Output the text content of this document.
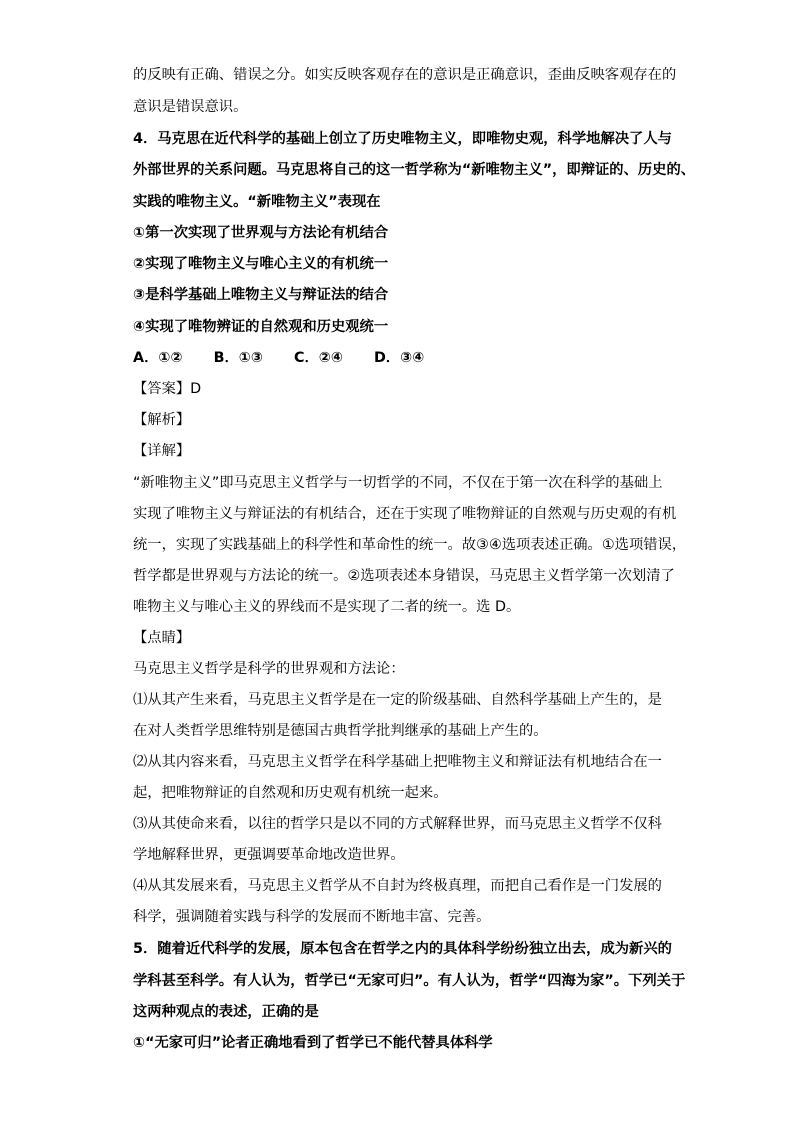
的反映有正确、错误之分。如实反映客观存在的意识是正确意识，歪曲反映客观存在的
意识是错误意识。
4．马克思在近代科学的基础上创立了历史唯物主义，即唯物史观，科学地解决了人与
外部世界的关系问题。马克思将自己的这一哲学称为“新唯物主义”，即辩证的、历史的、
实践的唯物主义。“新唯物主义”表现在
①第一次实现了世界观与方法论有机结合
②实现了唯物主义与唯心主义的有机统一
③是科学基础上唯物主义与辩证法的结合
④实现了唯物辨证的自然观和历史观统一
A．①② B．①③ C．②④ D．③④
【答案】D
【解析】
【详解】
“新唯物主义”即马克思主义哲学与一切哲学的不同，不仅在于第一次在科学的基础上
实现了唯物主义与辩证法的有机结合，还在于实现了唯物辩证的自然观与历史观的有机
统一，实现了实践基础上的科学性和革命性的统一。故③④选项表述正确。①选项错误，
哲学都是世界观与方法论的统一。②选项表述本身错误，马克思主义哲学第一次划清了
唯物主义与唯心主义的界线而不是实现了二者的统一。选 D。
【点睛】
马克思主义哲学是科学的世界观和方法论：
⑴从其产生来看，马克思主义哲学是在一定的阶级基础、自然科学基础上产生的，是
在对人类哲学思维特别是德国古典哲学批判继承的基础上产生的。
⑵从其内容来看，马克思主义哲学在科学基础上把唯物主义和辩证法有机地结合在一
起，把唯物辩证的自然观和历史观有机统一起来。
⑶从其使命来看，以往的哲学只是以不同的方式解释世界，而马克思主义哲学不仅科
学地解释世界，更强调要革命地改造世界。
⑷从其发展来看，马克思主义哲学从不自封为终极真理，而把自己看作是一门发展的
科学，强调随着实践与科学的发展而不断地丰富、完善。
5．随着近代科学的发展，原本包含在哲学之内的具体科学纷纷独立出去，成为新兴的
学科甚至科学。有人认为，哲学已“无家可归”。有人认为，哲学“四海为家”。下列关于
这两种观点的表述，正确的是
①“无家可归”论者正确地看到了哲学已不能代替具体科学
